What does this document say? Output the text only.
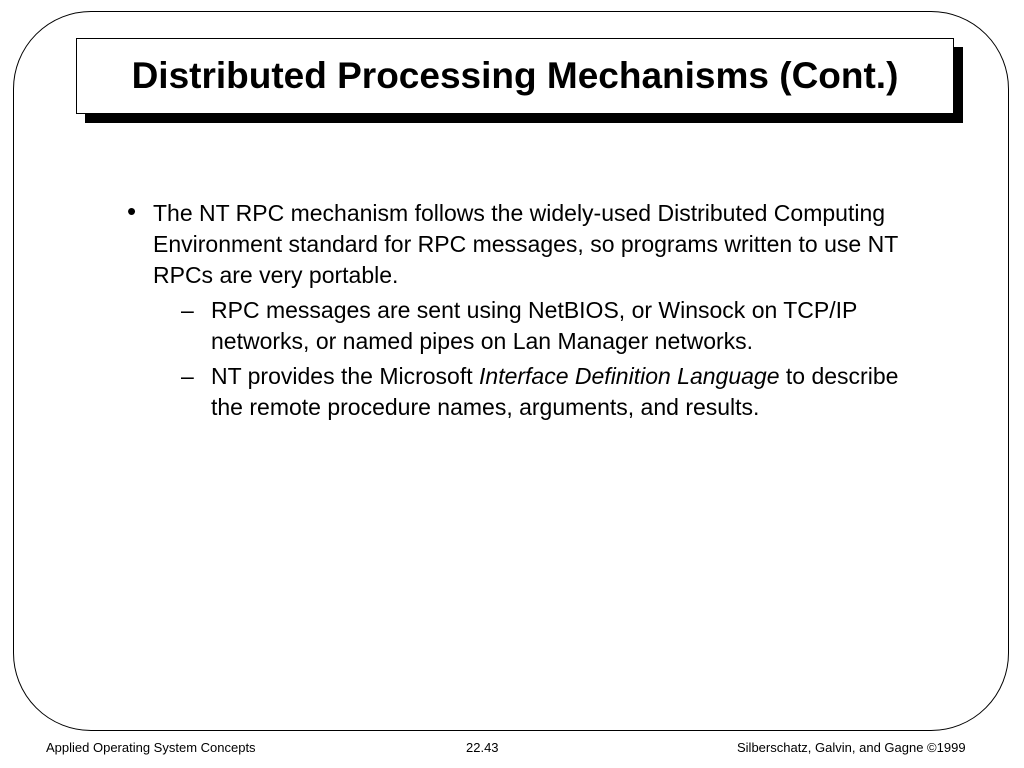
Distributed Processing Mechanisms (Cont.)
• The NT RPC mechanism follows the widely-used Distributed Computing Environment standard for RPC messages, so programs written to use NT RPCs are very portable.
– RPC messages are sent using NetBIOS, or Winsock on TCP/IP networks, or named pipes on Lan Manager networks.
– NT provides the Microsoft Interface Definition Language to describe the remote procedure names, arguments, and results.
Applied Operating System Concepts	22.43	Silberschatz, Galvin, and Gagne ©1999
